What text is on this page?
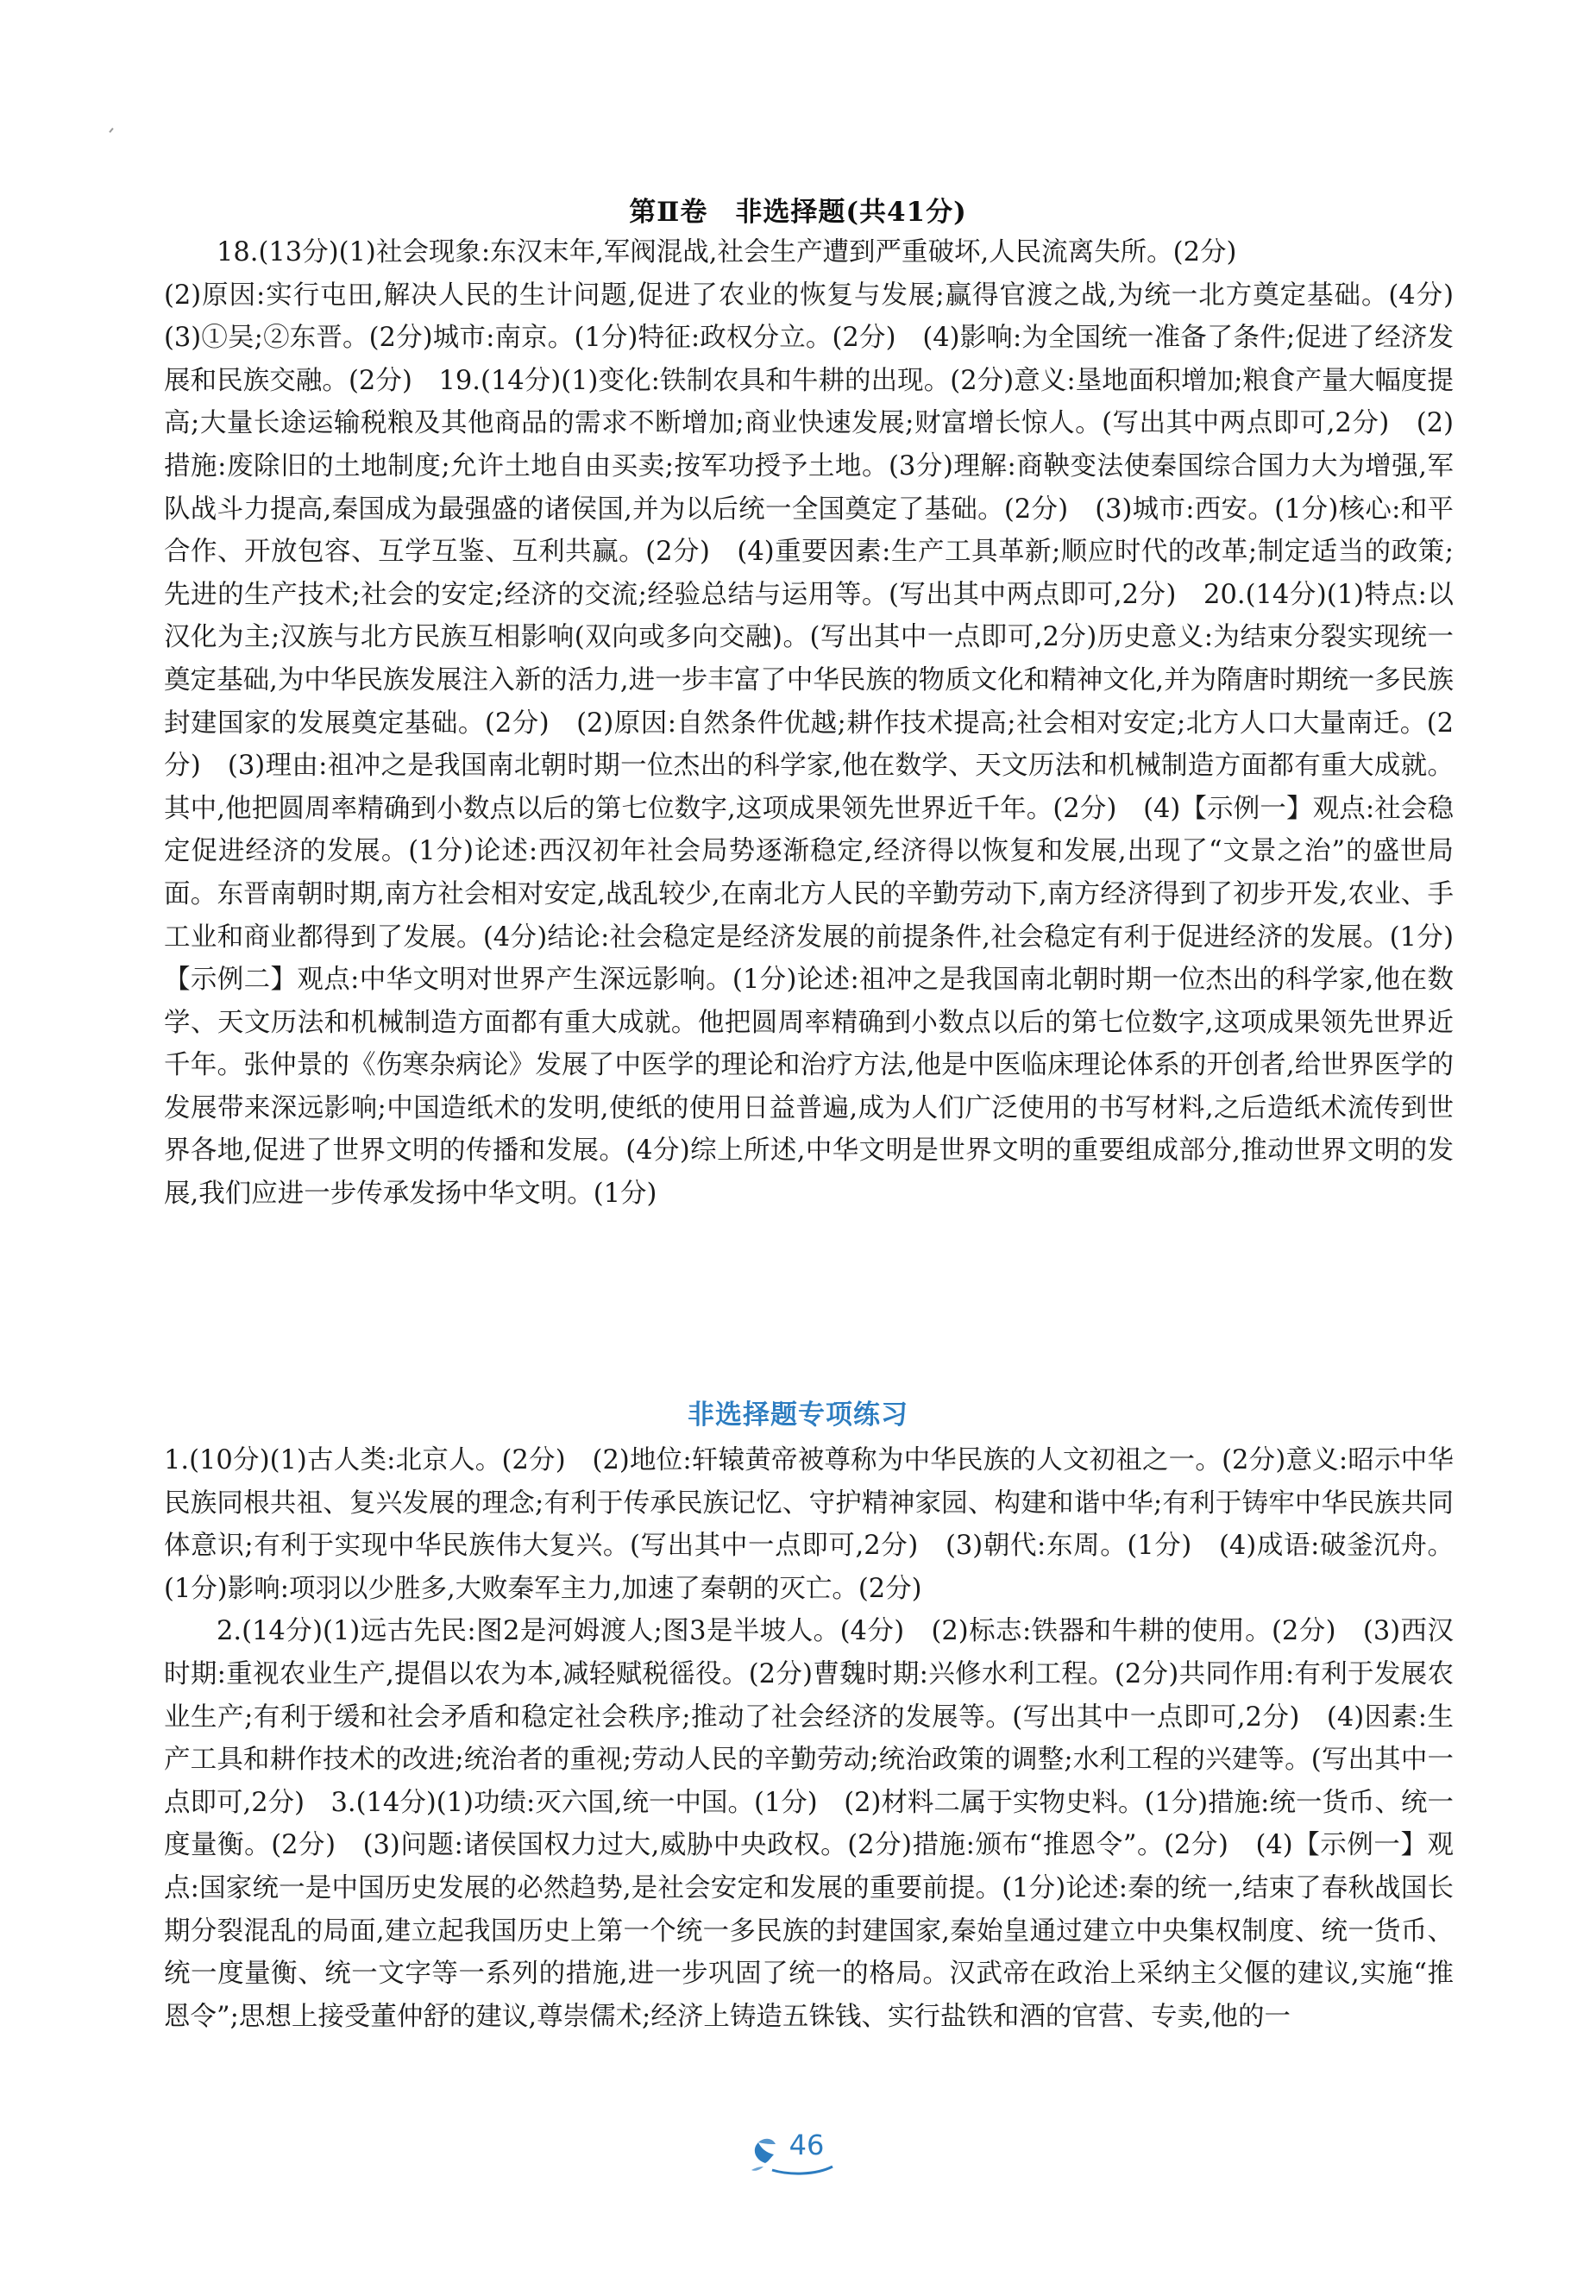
第Ⅱ卷　非选择题(共41分)

18.(13分)(1)社会现象:东汉末年,军阀混战,社会生产遭到严重破坏,人民流离失所。(2分)

(2)原因:实行屯田,解决人民的生计问题,促进了农业的恢复与发展;赢得官渡之战,为统一北方奠定基础。(4分)　(3)①吴;②东晋。(2分)城市:南京。(1分)特征:政权分立。(2分)　(4)影响:为全国统一准备了条件;促进了经济发展和民族交融。(2分)　19.(14分)(1)变化:铁制农具和牛耕的出现。(2分)意义:垦地面积增加;粮食产量大幅度提高;大量长途运输税粮及其他商品的需求不断增加;商业快速发展;财富增长惊人。(写出其中两点即可,2分)　(2)措施:废除旧的土地制度;允许土地自由买卖;按军功授予土地。(3分)理解:商鞅变法使秦国综合国力大为增强,军队战斗力提高,秦国成为最强盛的诸侯国,并为以后统一全国奠定了基础。(2分)　(3)城市:西安。(1分)核心:和平合作、开放包容、互学互鉴、互利共赢。(2分)　(4)重要因素:生产工具革新;顺应时代的改革;制定适当的政策;先进的生产技术;社会的安定;经济的交流;经验总结与运用等。(写出其中两点即可,2分)　20.(14分)(1)特点:以汉化为主;汉族与北方民族互相影响(双向或多向交融)。(写出其中一点即可,2分)历史意义:为结束分裂实现统一奠定基础,为中华民族发展注入新的活力,进一步丰富了中华民族的物质文化和精神文化,并为隋唐时期统一多民族封建国家的发展奠定基础。(2分)　(2)原因:自然条件优越;耕作技术提高;社会相对安定;北方人口大量南迁。(2分)　(3)理由:祖冲之是我国南北朝时期一位杰出的科学家,他在数学、天文历法和机械制造方面都有重大成就。其中,他把圆周率精确到小数点以后的第七位数字,这项成果领先世界近千年。(2分)　(4)【示例一】观点:社会稳定促进经济的发展。(1分)论述:西汉初年社会局势逐渐稳定,经济得以恢复和发展,出现了“文景之治”的盛世局面。东晋南朝时期,南方社会相对安定,战乱较少,在南北方人民的辛勤劳动下,南方经济得到了初步开发,农业、手工业和商业都得到了发展。(4分)结论:社会稳定是经济发展的前提条件,社会稳定有利于促进经济的发展。(1分)　【示例二】观点:中华文明对世界产生深远影响。(1分)论述:祖冲之是我国南北朝时期一位杰出的科学家,他在数学、天文历法和机械制造方面都有重大成就。他把圆周率精确到小数点以后的第七位数字,这项成果领先世界近千年。张仲景的《伤寒杂病论》发展了中医学的理论和治疗方法,他是中医临床理论体系的开创者,给世界医学的发展带来深远影响;中国造纸术的发明,使纸的使用日益普遍,成为人们广泛使用的书写材料,之后造纸术流传到世界各地,促进了世界文明的传播和发展。(4分)综上所述,中华文明是世界文明的重要组成部分,推动世界文明的发展,我们应进一步传承发扬中华文明。(1分)

非选择题专项练习

1.(10分)(1)古人类:北京人。(2分)　(2)地位:轩辕黄帝被尊称为中华民族的人文初祖之一。(2分)意义:昭示中华民族同根共祖、复兴发展的理念;有利于传承民族记忆、守护精神家园、构建和谐中华;有利于铸牢中华民族共同体意识;有利于实现中华民族伟大复兴。(写出其中一点即可,2分)　(3)朝代:东周。(1分)　(4)成语:破釜沉舟。(1分)影响:项羽以少胜多,大败秦军主力,加速了秦朝的灭亡。(2分)

2.(14分)(1)远古先民:图2是河姆渡人;图3是半坡人。(4分)　(2)标志:铁器和牛耕的使用。(2分)　(3)西汉时期:重视农业生产,提倡以农为本,减轻赋税徭役。(2分)曹魏时期:兴修水利工程。(2分)共同作用:有利于发展农业生产;有利于缓和社会矛盾和稳定社会秩序;推动了社会经济的发展等。(写出其中一点即可,2分)　(4)因素:生产工具和耕作技术的改进;统治者的重视;劳动人民的辛勤劳动;统治政策的调整;水利工程的兴建等。(写出其中一点即可,2分)　3.(14分)(1)功绩:灭六国,统一中国。(1分)　(2)材料二属于实物史料。(1分)措施:统一货币、统一度量衡。(2分)　(3)问题:诸侯国权力过大,威胁中央政权。(2分)措施:颁布“推恩令”。(2分)　(4)【示例一】观点:国家统一是中国历史发展的必然趋势,是社会安定和发展的重要前提。(1分)论述:秦的统一,结束了春秋战国长期分裂混乱的局面,建立起我国历史上第一个统一多民族的封建国家,秦始皇通过建立中央集权制度、统一货币、统一度量衡、统一文字等一系列的措施,进一步巩固了统一的格局。汉武帝在政治上采纳主父偃的建议,实施“推恩令”;思想上接受董仲舒的建议,尊崇儒术;经济上铸造五铢钱、实行盐铁和酒的官营、专卖,他的一

46
